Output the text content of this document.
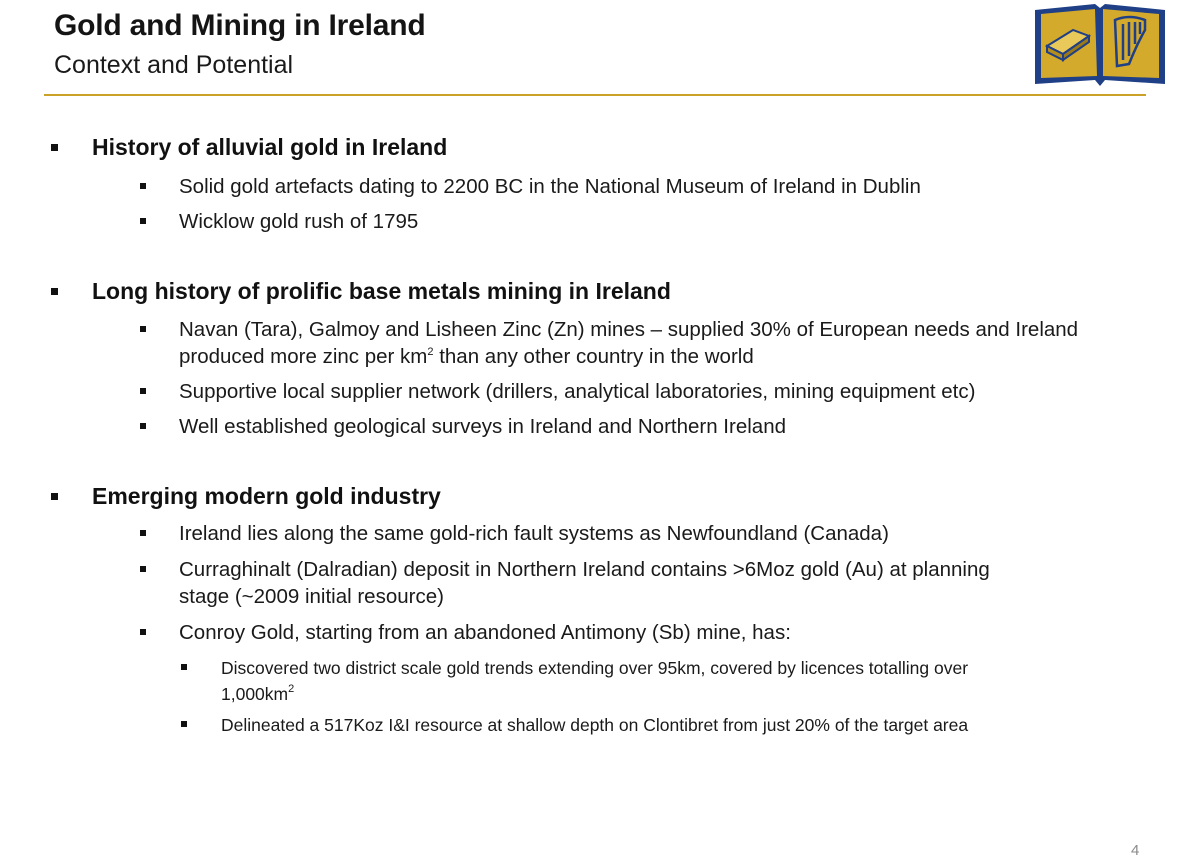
Gold and Mining in Ireland
Context and Potential
History of alluvial gold in Ireland
Solid gold artefacts dating to 2200 BC in the National Museum of Ireland in Dublin
Wicklow gold rush of 1795
Long history of prolific base metals mining in Ireland
Navan (Tara), Galmoy and Lisheen Zinc (Zn) mines – supplied 30% of European needs and Ireland
produced more zinc per $km^2$ than any other country in the world
Supportive local supplier network (drillers, analytical laboratories, mining equipment etc)
Well established geological surveys in Ireland and Northern Ireland
Emerging modern gold industry
Ireland lies along the same gold-rich fault systems as Newfoundland (Canada)
Curraghinalt (Dalradian) deposit in Northern Ireland contains >6Moz gold (Au) at planning
stage (~2009 initial resource)
Conroy Gold, starting from an abandoned Antimony (Sb) mine, has:
Discovered two district scale gold trends extending over 95km, covered by licences totalling over
$1,000km^2$
Delineated a 517Koz I&I resource at shallow depth on Clontibret from just 20% of the target area
4
